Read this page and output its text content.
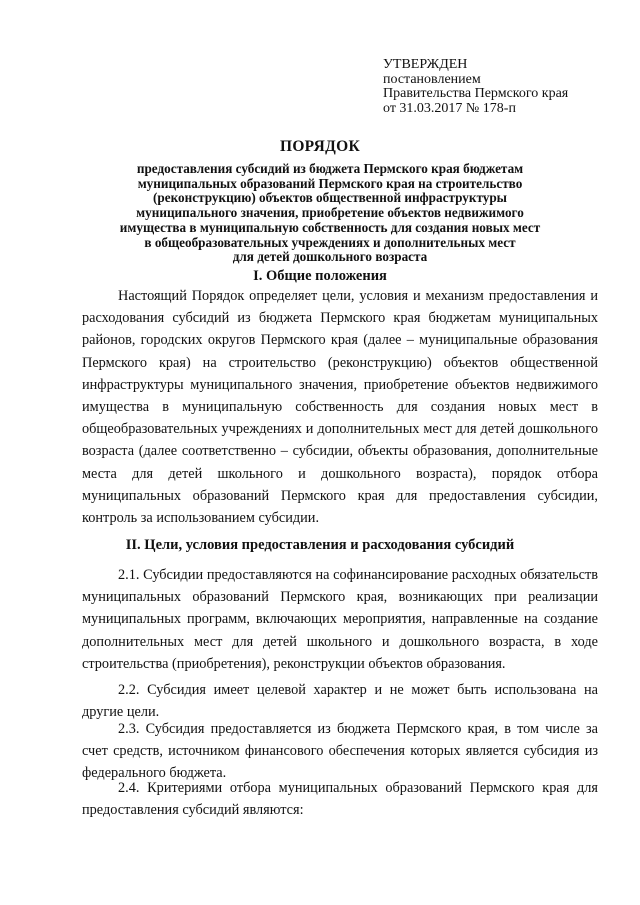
УТВЕРЖДЕН
постановлением
Правительства Пермского края
от 31.03.2017 № 178-п
ПОРЯДОК
предоставления субсидий из бюджета Пермского края бюджетам
муниципальных образований Пермского края на строительство
(реконструкцию) объектов общественной инфраструктуры
муниципального значения, приобретение объектов недвижимого
имущества в муниципальную собственность для создания новых мест
в общеобразовательных учреждениях и дополнительных мест
для детей дошкольного возраста
I. Общие положения

Настоящий Порядок определяет цели, условия и механизм предоставления и расходования субсидий из бюджета Пермского края бюджетам муниципальных районов, городских округов Пермского края (далее – муниципальные образования Пермского края) на строительство (реконструкцию) объектов общественной инфраструктуры муниципального значения, приобретение объектов недвижимого имущества в муниципальную собственность для создания новых мест в общеобразовательных учреждениях и дополнительных мест для детей дошкольного возраста (далее соответственно – субсидии, объекты образования, дополнительные места для детей школьного и дошкольного возраста), порядок отбора муниципальных образований Пермского края для предоставления субсидии, контроль за использованием субсидии.

II. Цели, условия предоставления и расходования субсидий

2.1. Субсидии предоставляются на софинансирование расходных обязательств муниципальных образований Пермского края, возникающих при реализации муниципальных программ, включающих мероприятия, направленные на создание дополнительных мест для детей школьного и дошкольного возраста, в ходе строительства (приобретения), реконструкции объектов образования.

2.2. Субсидия имеет целевой характер и не может быть использована на другие цели.

2.3. Субсидия предоставляется из бюджета Пермского края, в том числе за счет средств, источником финансового обеспечения которых является субсидия из федерального бюджета.

2.4. Критериями отбора муниципальных образований Пермского края для предоставления субсидий являются:
